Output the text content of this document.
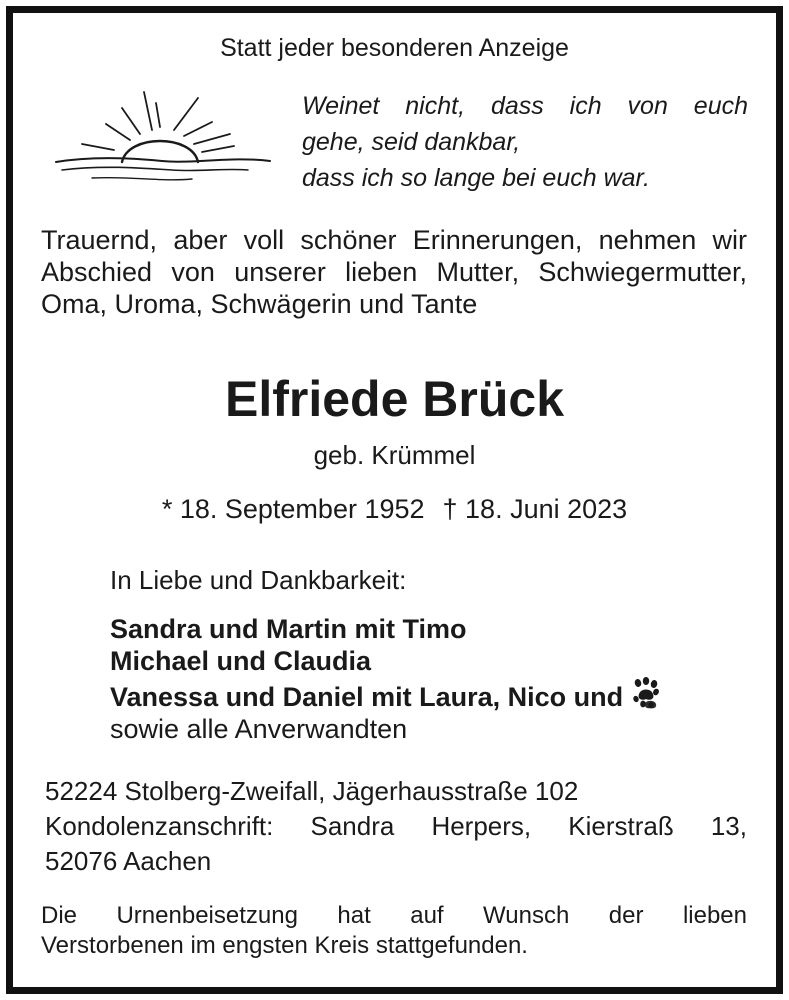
Statt jeder besonderen Anzeige
Weinet nicht, dass ich von euch
gehe, seid dankbar,
dass ich so lange bei euch war.
Trauernd, aber voll schöner Erinnerungen, nehmen wir Abschied von unserer lieben Mutter, Schwiegermutter, Oma, Uroma, Schwägerin und Tante
Elfriede Brück
geb. Krümmel
* 18. September 1952 † 18. Juni 2023
In Liebe und Dankbarkeit:
Sandra und Martin mit Timo
Michael und Claudia
Vanessa und Daniel mit Laura, Nico und
sowie alle Anverwandten
52224 Stolberg-Zweifall, Jägerhausstraße 102
Kondolenzanschrift: Sandra Herpers, Kierstraß 13,
52076 Aachen
Die Urnenbeisetzung hat auf Wunsch der lieben
Verstorbenen im engsten Kreis stattgefunden.
